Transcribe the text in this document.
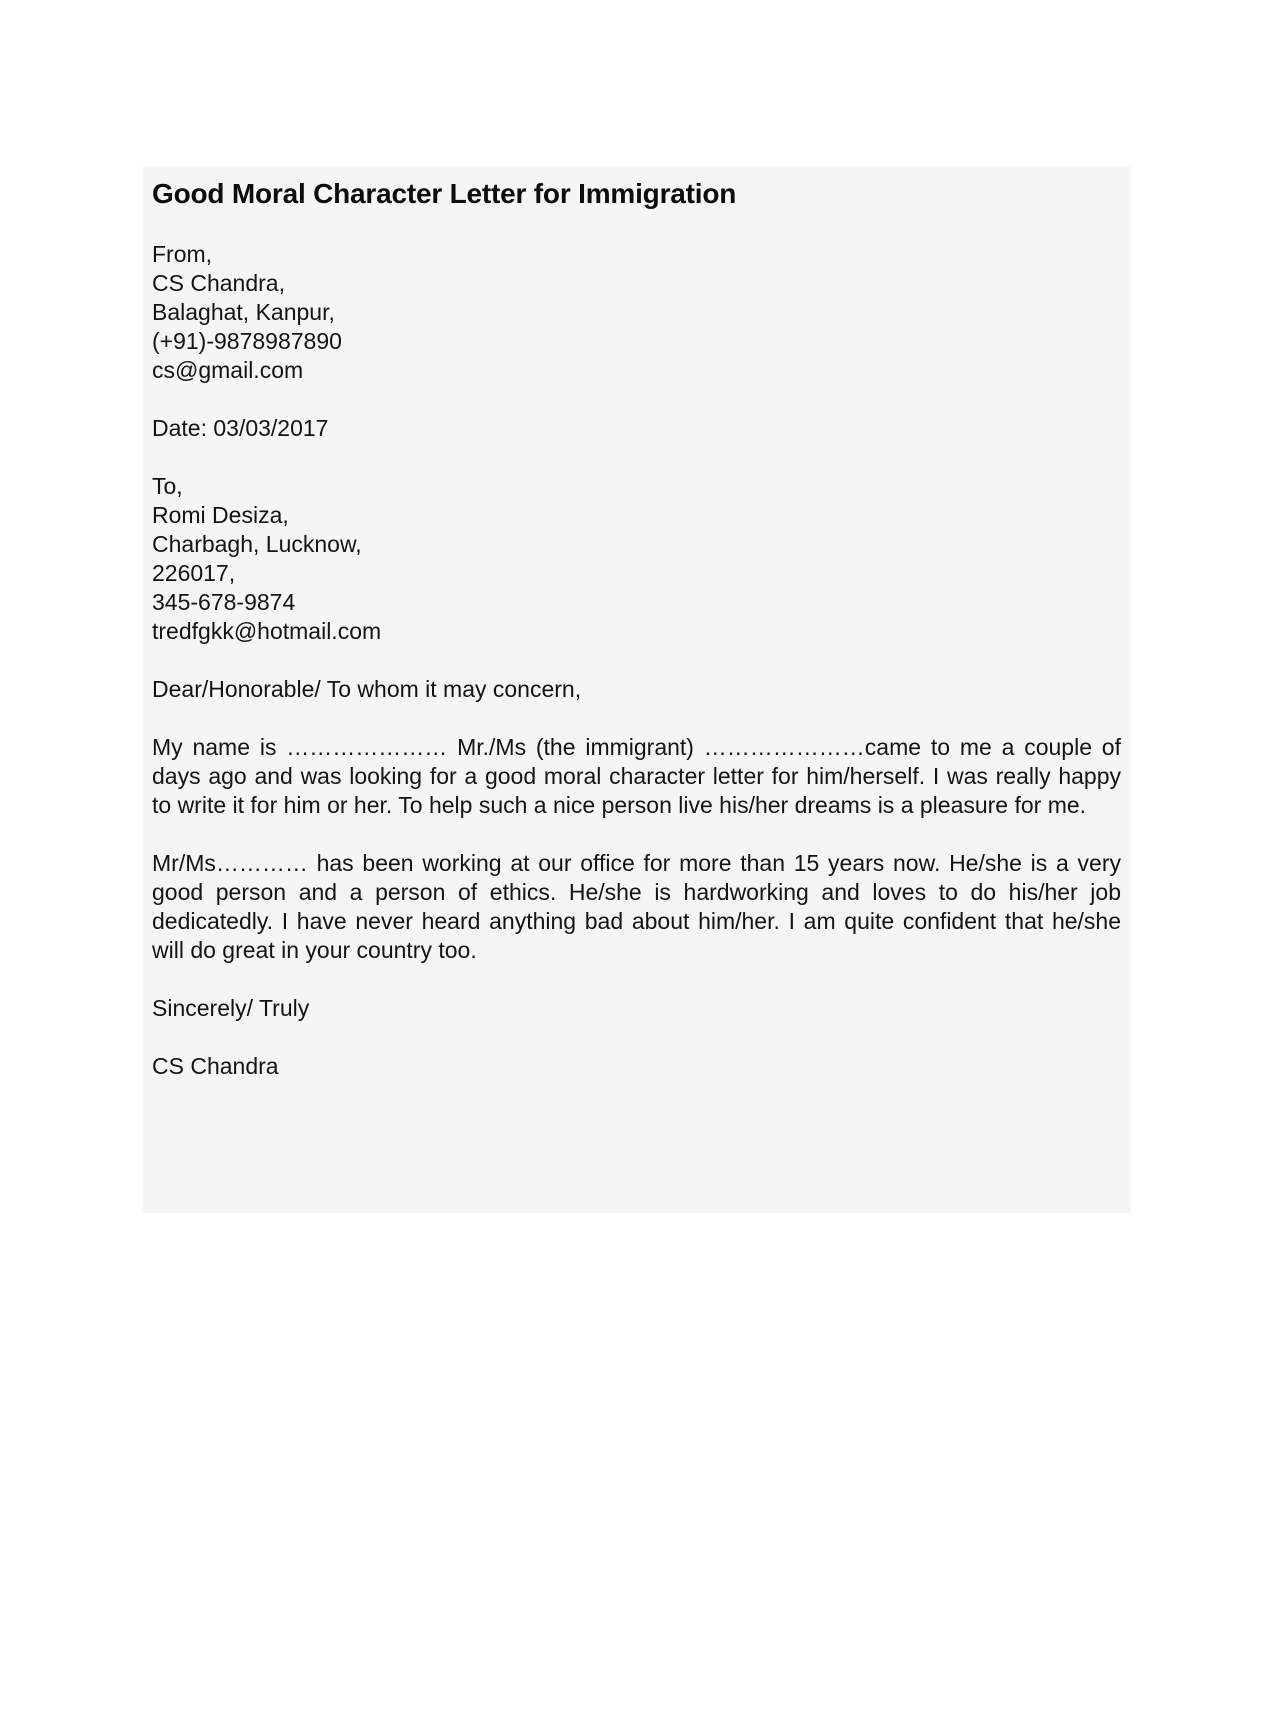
Good Moral Character Letter for Immigration
From,
CS Chandra,
Balaghat, Kanpur,
(+91)-9878987890
cs@gmail.com
Date: 03/03/2017
To,
Romi Desiza,
Charbagh, Lucknow,
226017,
345-678-9874
tredfgkk@hotmail.com
Dear/Honorable/ To whom it may concern,

My name is ………………… Mr./Ms (the immigrant) …………………came to me a couple of days ago and was looking for a good moral character letter for him/herself. I was really happy to write it for him or her. To help such a nice person live his/her dreams is a pleasure for me.

Mr/Ms………… has been working at our office for more than 15 years now. He/she is a very good person and a person of ethics. He/she is hardworking and loves to do his/her job dedicatedly. I have never heard anything bad about him/her. I am quite confident that he/she will do great in your country too.

Sincerely/ Truly
CS Chandra
